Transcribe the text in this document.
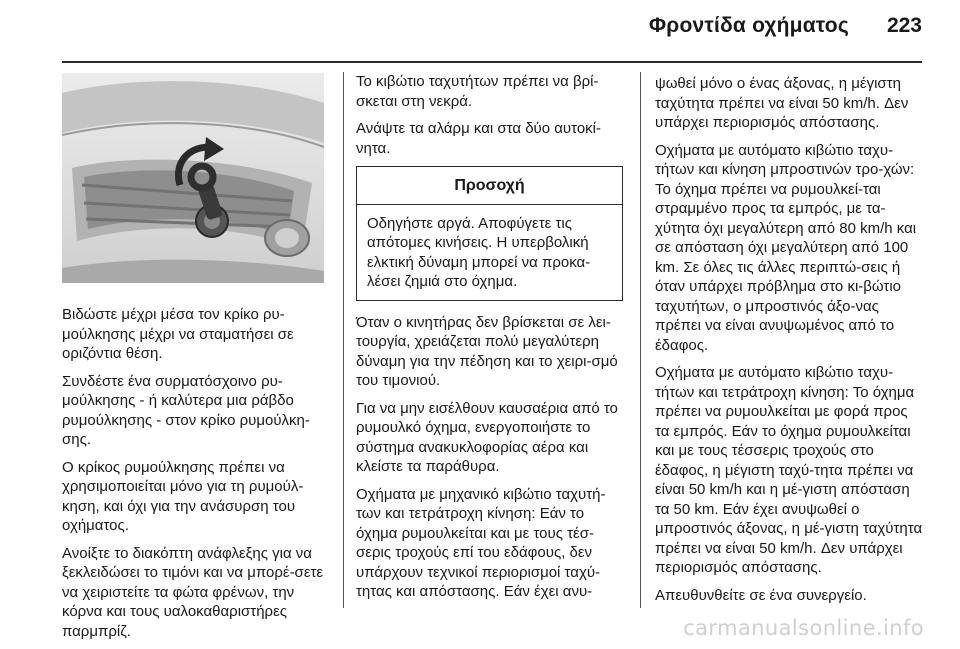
Φροντίδα οχήματος 223

Βιδώστε μέχρι μέσα τον κρίκο ρυ-μούλκησης μέχρι να σταματήσει σε οριζόντια θέση.

Συνδέστε ένα συρματόσχοινο ρυ-μούλκησης - ή καλύτερα μια ράβδο ρυμούλκησης - στον κρίκο ρυμούλκη-σης.

Ο κρίκος ρυμούλκησης πρέπει να χρησιμοποιείται μόνο για τη ρυμούλ-κηση, και όχι για την ανάσυρση του οχήματος.

Ανοίξτε το διακόπτη ανάφλεξης για να ξεκλειδώσει το τιμόνι και να μπορέ-σετε να χειριστείτε τα φώτα φρένων, την κόρνα και τους υαλοκαθαριστήρες παρμπρίζ.

Το κιβώτιο ταχυτήτων πρέπει να βρί-σκεται στη νεκρά.

Ανάψτε τα αλάρμ και στα δύο αυτοκί-νητα.

Προσοχή
Οδηγήστε αργά. Αποφύγετε τις απότομες κινήσεις. Η υπερβολική ελκτική δύναμη μπορεί να προκα-λέσει ζημιά στο όχημα.

Όταν ο κινητήρας δεν βρίσκεται σε λει-τουργία, χρειάζεται πολύ μεγαλύτερη δύναμη για την πέδηση και το χειρι-σμό του τιμονιού.

Για να μην εισέλθουν καυσαέρια από το ρυμουλκό όχημα, ενεργοποιήστε το σύστημα ανακυκλοφορίας αέρα και κλείστε τα παράθυρα.

Οχήματα με μηχανικό κιβώτιο ταχυτή-των και τετράτροχη κίνηση: Εάν το όχημα ρυμουλκείται και με τους τέσ-σερις τροχούς επί του εδάφους, δεν υπάρχουν τεχνικοί περιορισμοί ταχύ-τητας και απόστασης. Εάν έχει ανυ-

ψωθεί μόνο ο ένας άξονας, η μέγιστη ταχύτητα πρέπει να είναι 50 km/h. Δεν υπάρχει περιορισμός απόστασης.

Οχήματα με αυτόματο κιβώτιο ταχυ-τήτων και κίνηση μπροστινών τρο-χών: Το όχημα πρέπει να ρυμουλκεί-ται στραμμένο προς τα εμπρός, με τα-χύτητα όχι μεγαλύτερη από 80 km/h και σε απόσταση όχι μεγαλύτερη από 100 km. Σε όλες τις άλλες περιπτώ-σεις ή όταν υπάρχει πρόβλημα στο κι-βώτιο ταχυτήτων, ο μπροστινός άξο-νας πρέπει να είναι ανυψωμένος από το έδαφος.

Οχήματα με αυτόματο κιβώτιο ταχυ-τήτων και τετράτροχη κίνηση: Το όχημα πρέπει να ρυμουλκείται με φορά προς τα εμπρός. Εάν το όχημα ρυμουλκείται και με τους τέσσερις τροχούς στο έδαφος, η μέγιστη ταχύ-τητα πρέπει να είναι 50 km/h και η μέ-γιστη απόσταση τα 50 km. Εάν έχει ανυψωθεί ο μπροστινός άξονας, η μέ-γιστη ταχύτητα πρέπει να είναι 50 km/h. Δεν υπάρχει περιορισμός απόστασης.

Απευθυνθείτε σε ένα συνεργείο.

carmanualsonline.info
